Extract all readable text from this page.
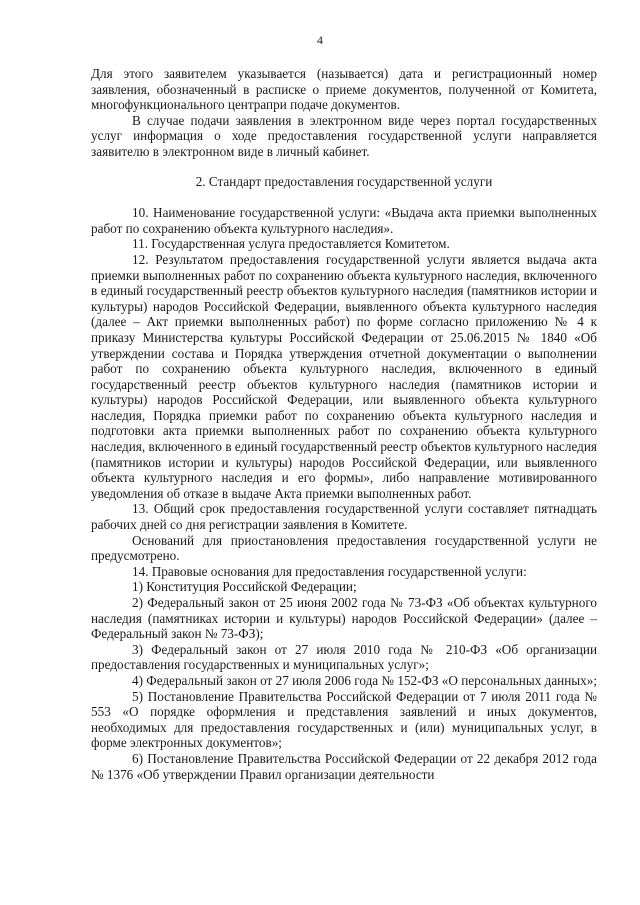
4

Для этого заявителем указывается (называется) дата и регистрационный номер заявления, обозначенный в расписке о приеме документов, полученной от Комитета, многофункционального центрапри подаче документов.

В случае подачи заявления в электронном виде через портал государственных услуг информация о ходе предоставления государственной услуги направляется заявителю в электронном виде в личный кабинет.

2. Стандарт предоставления государственной услуги

10. Наименование государственной услуги: «Выдача акта приемки выполненных работ по сохранению объекта культурного наследия».

11. Государственная услуга предоставляется Комитетом.

12. Результатом предоставления государственной услуги является выдача акта приемки выполненных работ по сохранению объекта культурного наследия, включенного в единый государственный реестр объектов культурного наследия (памятников истории и культуры) народов Российской Федерации, выявленного объекта культурного наследия (далее – Акт приемки выполненных работ) по форме согласно приложению № 4 к приказу Министерства культуры Российской Федерации от 25.06.2015 № 1840 «Об утверждении состава и Порядка утверждения отчетной документации о выполнении работ по сохранению объекта культурного наследия, включенного в единый государственный реестр объектов культурного наследия (памятников истории и культуры) народов Российской Федерации, или выявленного объекта культурного наследия, Порядка приемки работ по сохранению объекта культурного наследия и подготовки акта приемки выполненных работ по сохранению объекта культурного наследия, включенного в единый государственный реестр объектов культурного наследия (памятников истории и культуры) народов Российской Федерации, или выявленного объекта культурного наследия и его формы», либо направление мотивированного уведомления об отказе в выдаче Акта приемки выполненных работ.

13. Общий срок предоставления государственной услуги составляет пятнадцать рабочих дней со дня регистрации заявления в Комитете.

Оснований для приостановления предоставления государственной услуги не предусмотрено.

14. Правовые основания для предоставления государственной услуги:

1) Конституция Российской Федерации;

2) Федеральный закон от 25 июня 2002 года № 73-ФЗ «Об объектах культурного наследия (памятниках истории и культуры) народов Российской Федерации» (далее – Федеральный закон № 73-ФЗ);

3) Федеральный закон от 27 июля 2010 года № 210-ФЗ «Об организации предоставления государственных и муниципальных услуг»;

4) Федеральный закон от 27 июля 2006 года № 152-ФЗ «О персональных данных»;

5) Постановление Правительства Российской Федерации от 7 июля 2011 года № 553 «О порядке оформления и представления заявлений и иных документов, необходимых для предоставления государственных и (или) муниципальных услуг, в форме электронных документов»;

6) Постановление Правительства Российской Федерации от 22 декабря 2012 года № 1376 «Об утверждении Правил организации деятельности
